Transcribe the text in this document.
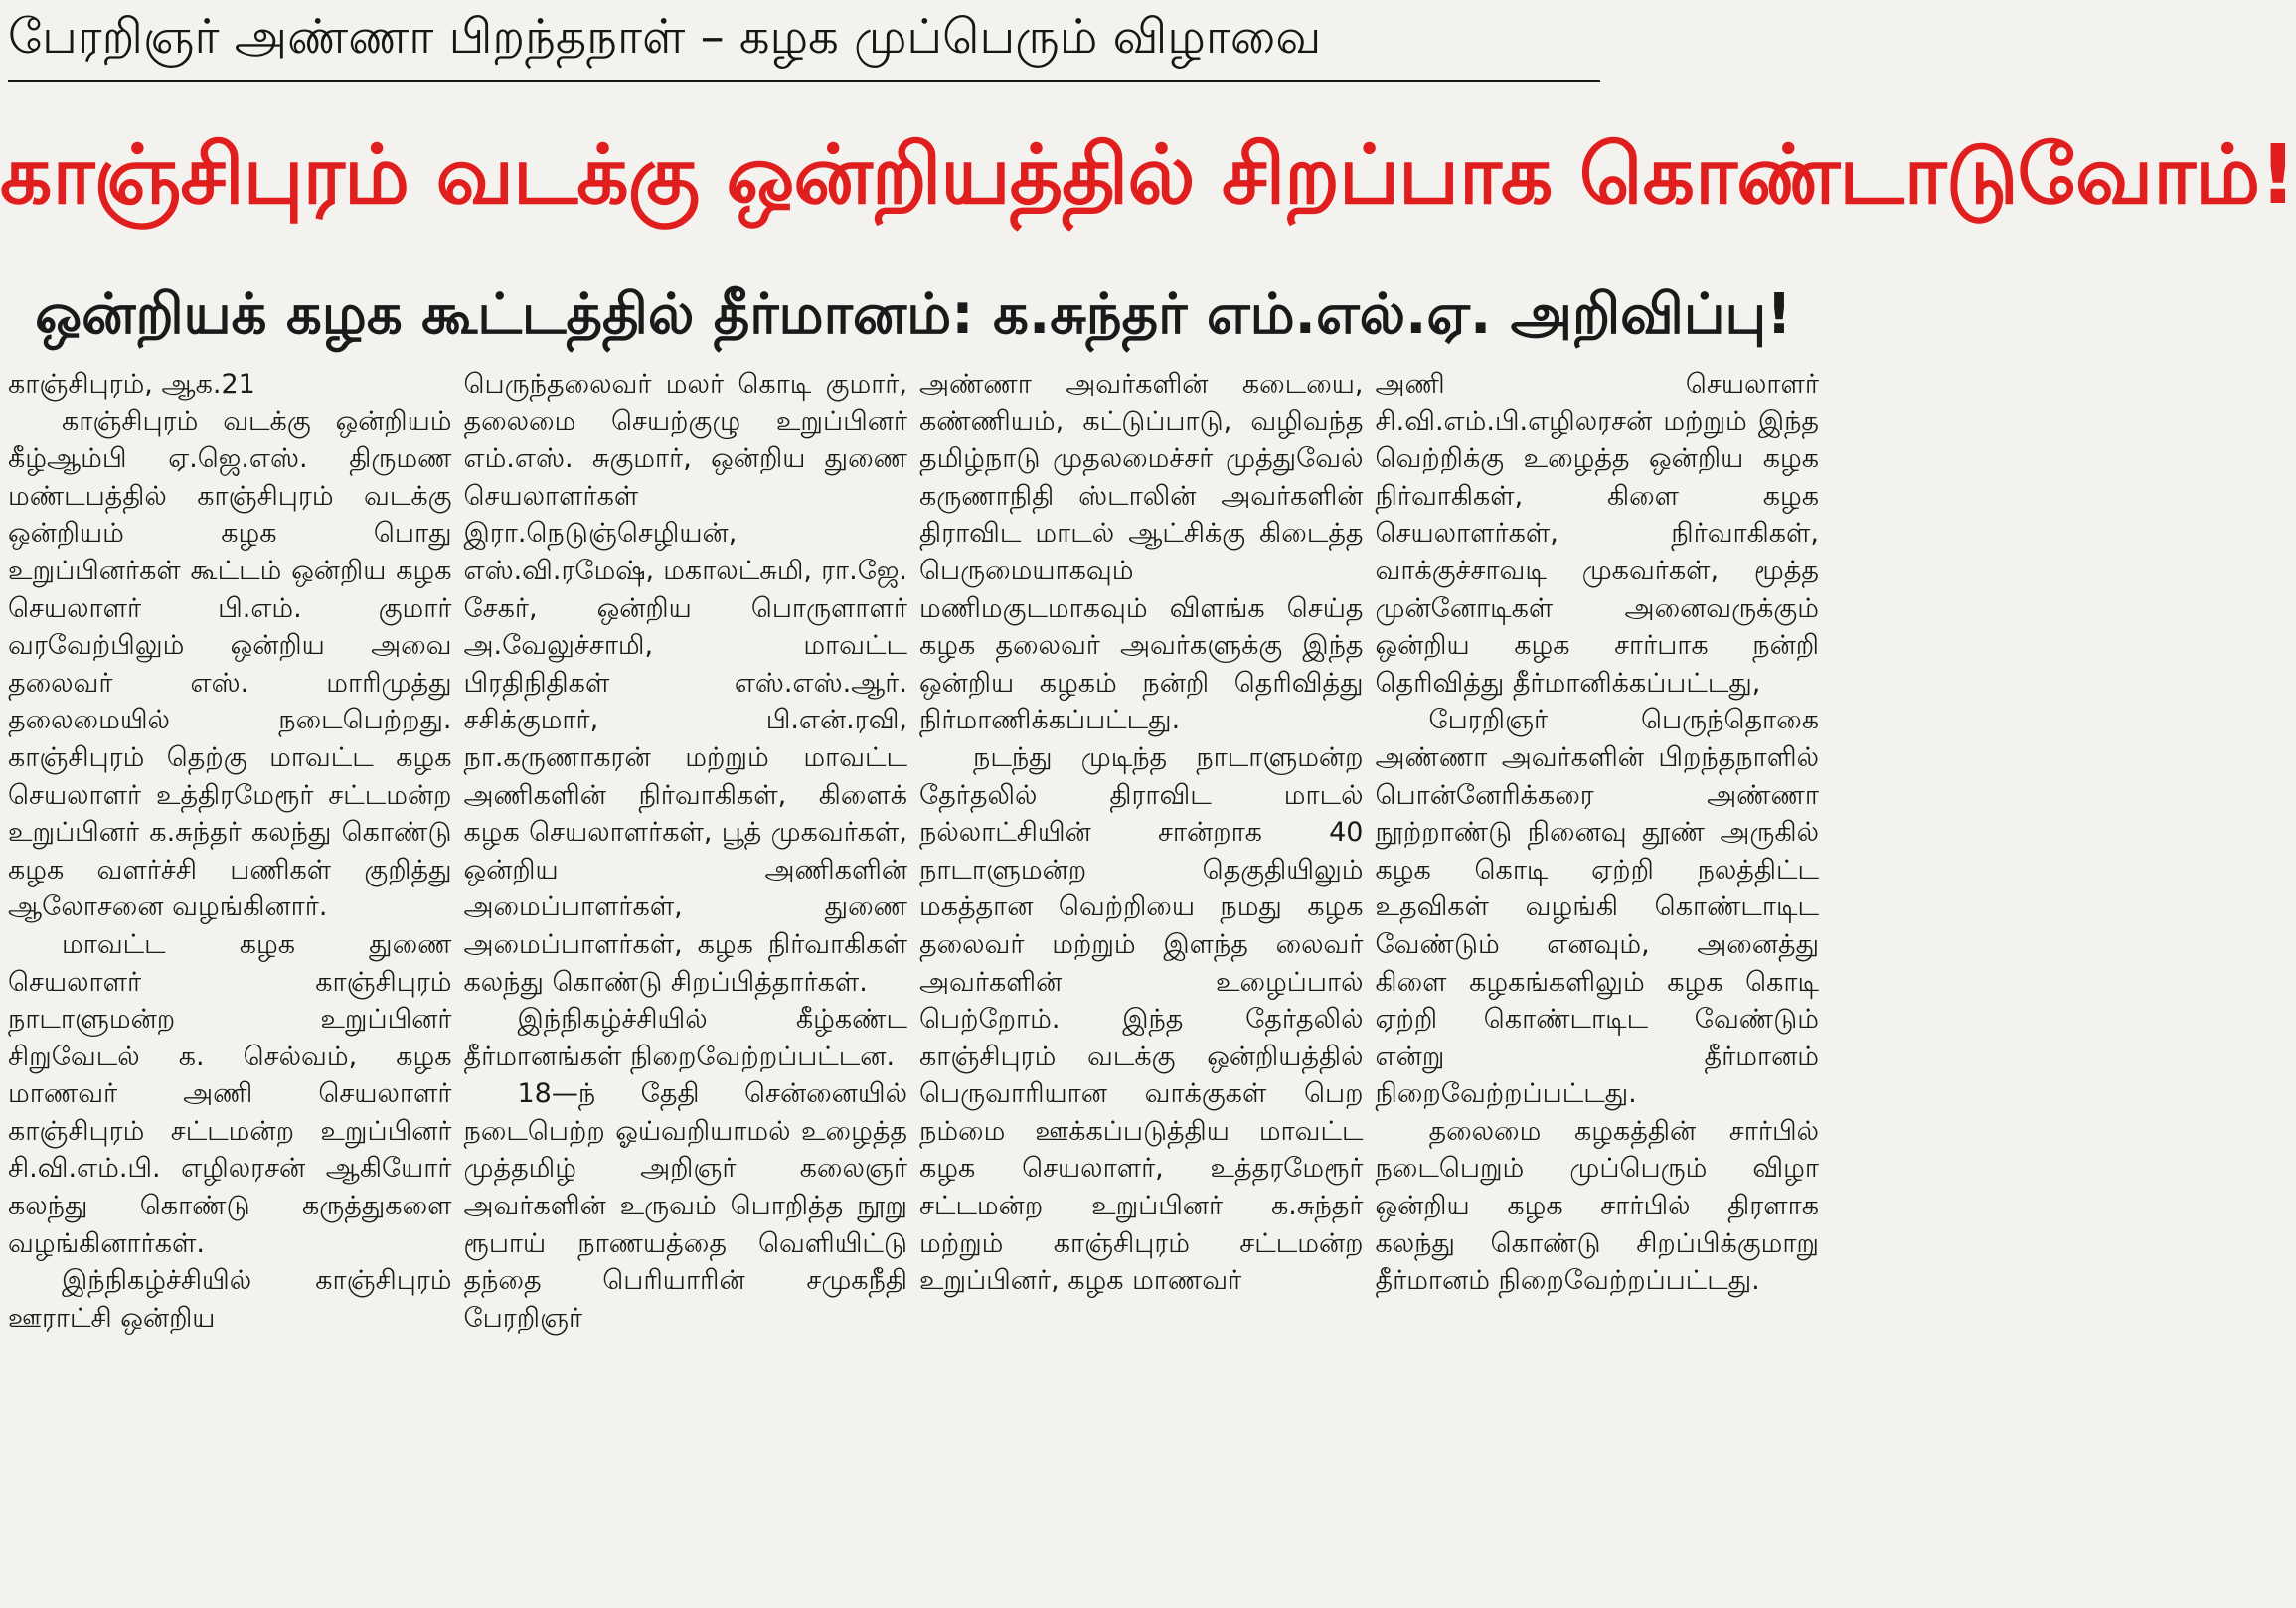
பேரறிஞர் அண்ணா பிறந்தநாள் – கழக முப்பெரும் விழாவை
காஞ்சிபுரம் வடக்கு ஒன்றியத்தில் சிறப்பாக கொண்டாடுவோம்!
ஒன்றியக் கழக கூட்டத்தில் தீர்மானம்: க.சுந்தர் எம்.எல்.ஏ. அறிவிப்பு!

காஞ்சிபுரம், ஆக.21

காஞ்சிபுரம் வடக்கு ஒன்றியம் கீழ்ஆம்பி ஏ.ஜெ.எஸ். திருமண மண்டபத்தில் காஞ்சிபுரம் வடக்கு ஒன்றியம் கழக பொது உறுப்பினர்கள் கூட்டம் ஒன்றிய கழக செயலாளர் பி.எம். குமார் வரவேற்பிலும் ஒன்றிய அவை தலைவர் எஸ். மாரிமுத்து தலைமையில் நடைபெற்றது. காஞ்சிபுரம் தெற்கு மாவட்ட கழக செயலாளர் உத்திரமேரூர் சட்டமன்ற உறுப்பினர் க.சுந்தர் கலந்து கொண்டு கழக வளர்ச்சி பணிகள் குறித்து ஆலோசனை வழங்கினார்.

மாவட்ட கழக துணை செயலாளர் காஞ்சிபுரம் நாடாளுமன்ற உறுப்பினர் சிறுவேடல் க. செல்வம், கழக மாணவர் அணி செயலாளர் காஞ்சிபுரம் சட்டமன்ற உறுப்பினர் சி.வி.எம்.பி. எழிலரசன் ஆகியோர் கலந்து கொண்டு கருத்துகளை வழங்கினார்கள்.

இந்நிகழ்ச்சியில் காஞ்சிபுரம் ஊராட்சி ஒன்றிய

பெருந்தலைவர் மலர் கொடி குமார், தலைமை செயற்குழு உறுப்பினர் எம்.எஸ். சுகுமார், ஒன்றிய துணை செயலாளர்கள் இரா.நெடுஞ்செழியன், எஸ்.வி.ரமேஷ், மகாலட்சுமி, ரா.ஜே. சேகர், ஒன்றிய பொருளாளர் அ.வேலுச்சாமி, மாவட்ட பிரதிநிதிகள் எஸ்.எஸ்.ஆர். சசிக்குமார், பி.என்.ரவி, நா.கருணாகரன் மற்றும் மாவட்ட அணிகளின் நிர்வாகிகள், கிளைக் கழக செயலாளர்கள், பூத் முகவர்கள், ஒன்றிய அணிகளின் அமைப்பாளர்கள், துணை அமைப்பாளர்கள், கழக நிர்வாகிகள் கலந்து கொண்டு சிறப்பித்தார்கள்.

இந்நிகழ்ச்சியில் கீழ்கண்ட தீர்மானங்கள் நிறைவேற்றப்பட்டன.

18—ந் தேதி சென்னையில் நடைபெற்ற ஓய்வறியாமல் உழைத்த முத்தமிழ் அறிஞர் கலைஞர் அவர்களின் உருவம் பொறித்த நூறு ரூபாய் நாணயத்தை வெளியிட்டு தந்தை பெரியாரின் சமுகநீதி பேரறிஞர்

அண்ணா அவர்களின் கடையை, கண்ணியம், கட்டுப்பாடு, வழிவந்த தமிழ்நாடு முதலமைச்சர் முத்துவேல் கருணாநிதி ஸ்டாலின் அவர்களின் திராவிட மாடல் ஆட்சிக்கு கிடைத்த பெருமையாகவும் மணிமகுடமாகவும் விளங்க செய்த கழக தலைவர் அவர்களுக்கு இந்த ஒன்றிய கழகம் நன்றி தெரிவித்து நிர்மாணிக்கப்பட்டது.

நடந்து முடிந்த நாடாளுமன்ற தேர்தலில் திராவிட மாடல் நல்லாட்சியின் சான்றாக 40 நாடாளுமன்ற தெகுதியிலும் மகத்தான வெற்றியை நமது கழக தலைவர் மற்றும் இளந்த லைவர் அவர்களின் உழைப்பால் பெற்றோம். இந்த தேர்தலில் காஞ்சிபுரம் வடக்கு ஒன்றியத்தில் பெருவாரியான வாக்குகள் பெற நம்மை ஊக்கப்படுத்திய மாவட்ட கழக செயலாளர், உத்தரமேரூர் சட்டமன்ற உறுப்பினர் க.சுந்தர் மற்றும் காஞ்சிபுரம் சட்டமன்ற உறுப்பினர், கழக மாணவர்

அணி செயலாளர் சி.வி.எம்.பி.எழிலரசன் மற்றும் இந்த வெற்றிக்கு உழைத்த ஒன்றிய கழக நிர்வாகிகள், கிளை கழக செயலாளர்கள், நிர்வாகிகள், வாக்குச்சாவடி முகவர்கள், மூத்த முன்னோடிகள் அனைவருக்கும் ஒன்றிய கழக சார்பாக நன்றி தெரிவித்து தீர்மானிக்கப்பட்டது,

பேரறிஞர் பெருந்தொகை அண்ணா அவர்களின் பிறந்தநாளில் பொன்னேரிக்கரை அண்ணா நூற்றாண்டு நினைவு தூண் அருகில் கழக கொடி ஏற்றி நலத்திட்ட உதவிகள் வழங்கி கொண்டாடிட வேண்டும் எனவும், அனைத்து கிளை கழகங்களிலும் கழக கொடி ஏற்றி கொண்டாடிட வேண்டும் என்று தீர்மானம் நிறைவேற்றப்பட்டது.

தலைமை கழகத்தின் சார்பில் நடைபெறும் முப்பெரும் விழா ஒன்றிய கழக சார்பில் திரளாக கலந்து கொண்டு சிறப்பிக்குமாறு தீர்மானம் நிறைவேற்றப்பட்டது.
